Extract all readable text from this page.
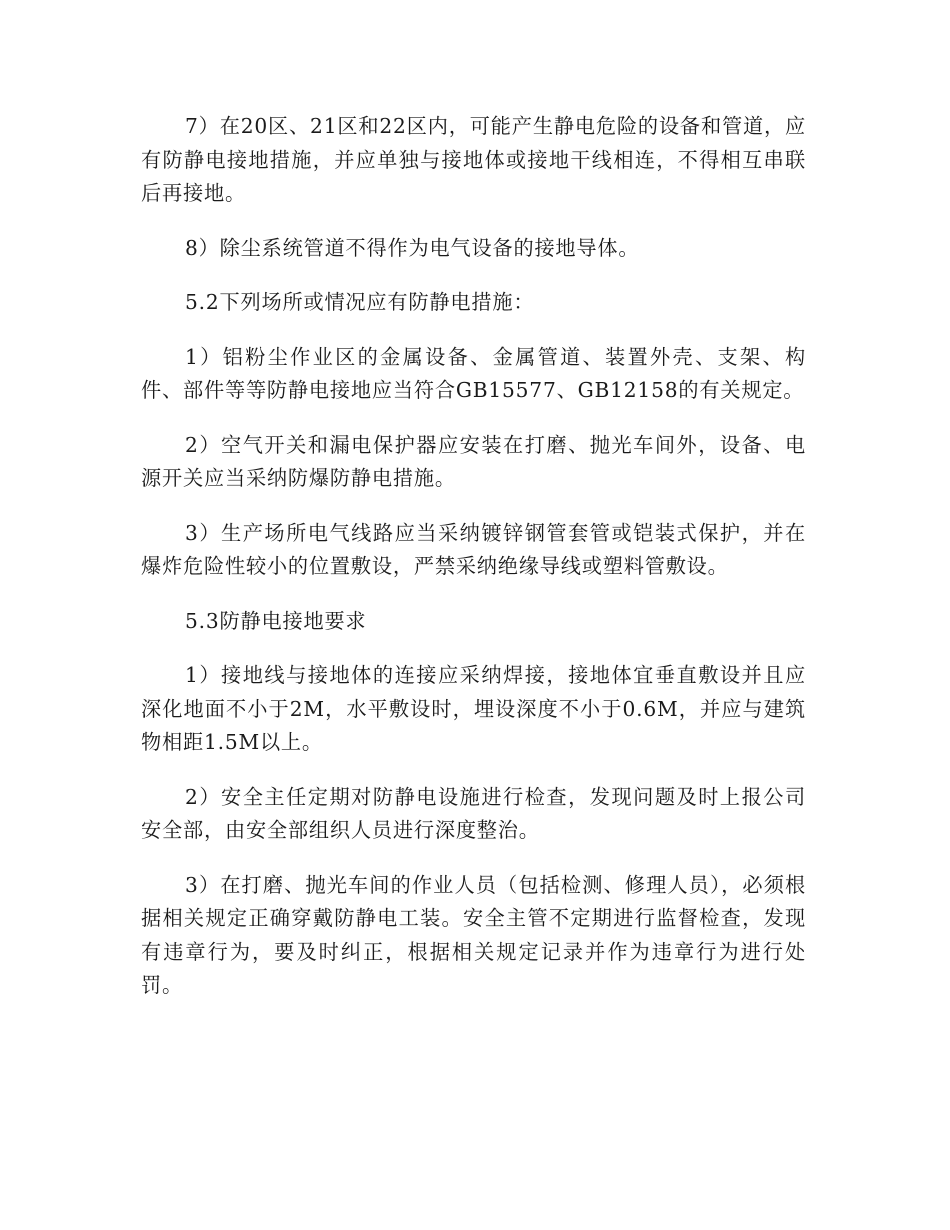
7）在20区、21区和22区内，可能产生静电危险的设备和管道，应有防静电接地措施，并应单独与接地体或接地干线相连，不得相互串联后再接地。

8）除尘系统管道不得作为电气设备的接地导体。

5.2下列场所或情况应有防静电措施：

1）铝粉尘作业区的金属设备、金属管道、装置外壳、支架、构件、部件等等防静电接地应当符合GB15577、GB12158的有关规定。

2）空气开关和漏电保护器应安装在打磨、抛光车间外，设备、电源开关应当采纳防爆防静电措施。

3）生产场所电气线路应当采纳镀锌钢管套管或铠装式保护，并在爆炸危险性较小的位置敷设，严禁采纳绝缘导线或塑料管敷设。

5.3防静电接地要求

1）接地线与接地体的连接应采纳焊接，接地体宜垂直敷设并且应深化地面不小于2M，水平敷设时，埋设深度不小于0.6M，并应与建筑物相距1.5M以上。

2）安全主任定期对防静电设施进行检查，发现问题及时上报公司安全部，由安全部组织人员进行深度整治。

3）在打磨、抛光车间的作业人员（包括检测、修理人员），必须根据相关规定正确穿戴防静电工装。安全主管不定期进行监督检查，发现有违章行为，要及时纠正，根据相关规定记录并作为违章行为进行处罚。
